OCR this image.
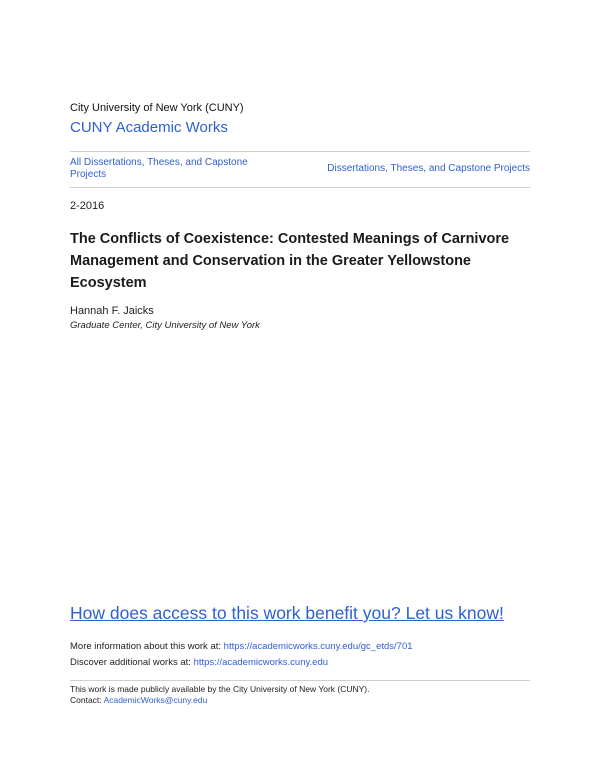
City University of New York (CUNY)
CUNY Academic Works
All Dissertations, Theses, and Capstone Projects
Dissertations, Theses, and Capstone Projects
2-2016
The Conflicts of Coexistence: Contested Meanings of Carnivore Management and Conservation in the Greater Yellowstone Ecosystem
Hannah F. Jaicks
Graduate Center, City University of New York
How does access to this work benefit you? Let us know!
More information about this work at: https://academicworks.cuny.edu/gc_etds/701
Discover additional works at: https://academicworks.cuny.edu
This work is made publicly available by the City University of New York (CUNY).
Contact: AcademicWorks@cuny.edu
